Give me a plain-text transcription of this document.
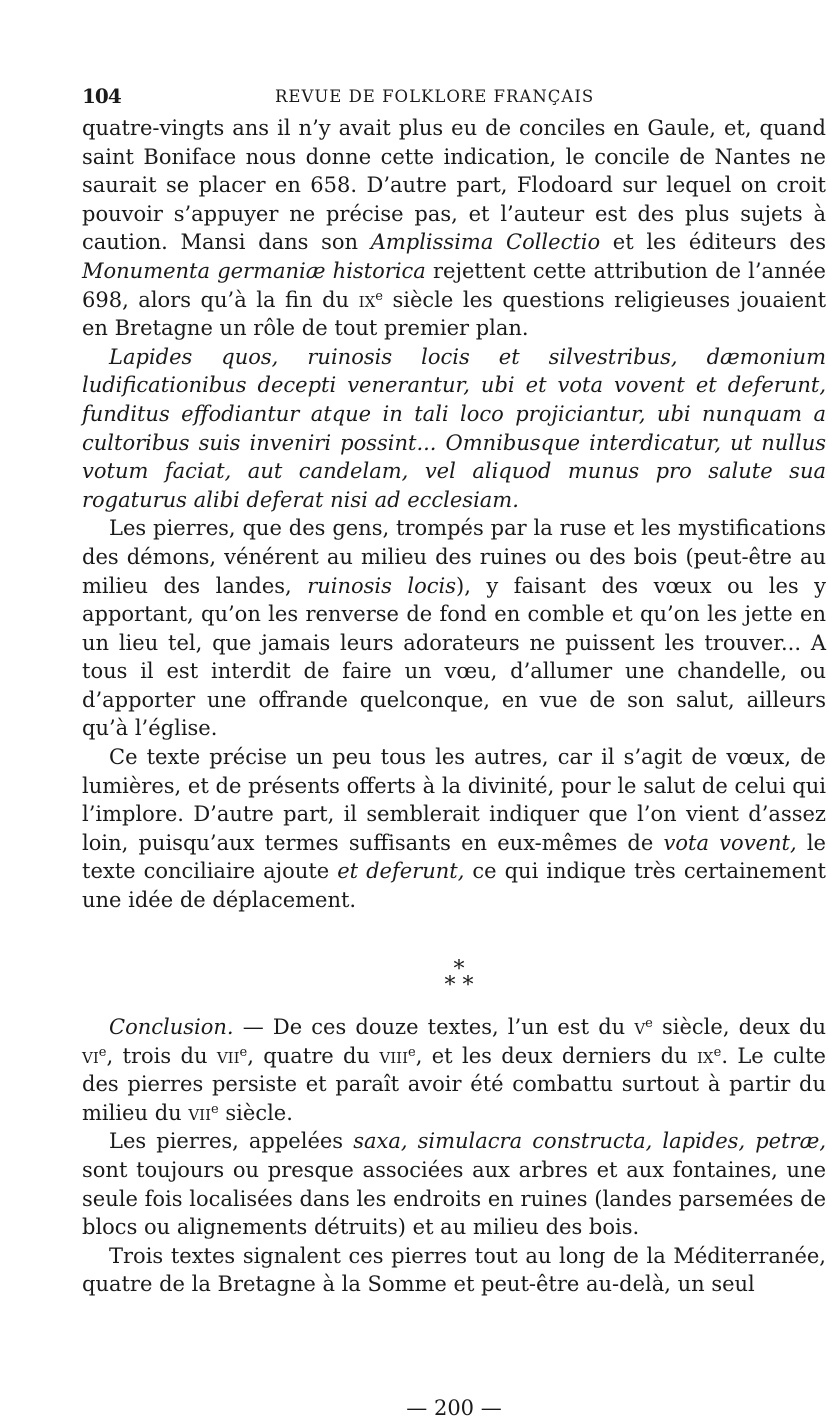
104	REVUE DE FOLKLORE FRANÇAIS

quatre-vingts ans il n’y avait plus eu de conciles en Gaule, et, quand saint Boniface nous donne cette indication, le concile de Nantes ne saurait se placer en 658. D’autre part, Flodoard sur lequel on croit pouvoir s’appuyer ne précise pas, et l’auteur est des plus sujets à caution. Mansi dans son Amplissima Collectio et les éditeurs des Monumenta germaniæ historica rejettent cette attribution de l’année 698, alors qu’à la fin du $ix^e$ siècle les questions religieuses jouaient en Bretagne un rôle de tout premier plan.

Lapides quos, ruinosis locis et silvestribus, dæmonium ludificationibus decepti venerantur, ubi et vota vovent et deferunt, funditus effodiantur atque in tali loco projiciantur, ubi nunquam a cultoribus suis inveniri possint... Omnibusque interdicatur, ut nullus votum faciat, aut candelam, vel aliquod munus pro salute sua rogaturus alibi deferat nisi ad ecclesiam.

Les pierres, que des gens, trompés par la ruse et les mystifications des démons, vénérent au milieu des ruines ou des bois (peut-être au milieu des landes, ruinosis locis), y faisant des vœux ou les y apportant, qu’on les renverse de fond en comble et qu’on les jette en un lieu tel, que jamais leurs adorateurs ne puissent les trouver... A tous il est interdit de faire un vœu, d’allumer une chandelle, ou d’apporter une offrande quelconque, en vue de son salut, ailleurs qu’à l’église.

Ce texte précise un peu tous les autres, car il s’agit de vœux, de lumières, et de présents offerts à la divinité, pour le salut de celui qui l’implore. D’autre part, il semblerait indiquer que l’on vient d’assez loin, puisqu’aux termes suffisants en eux-mêmes de vota vovent, le texte conciliaire ajoute et deferunt, ce qui indique très certainement une idée de déplacement.

*
* *

Conclusion. — De ces douze textes, l’un est du $v^e$ siècle, deux du $vi^e$, trois du vii$^e$, quatre du viii$^e$, et les deux derniers du $ix^e$. Le culte des pierres persiste et paraît avoir été combattu surtout à partir du milieu du vii$^e$ siècle.

Les pierres, appelées saxa, simulacra constructa, lapides, petræ, sont toujours ou presque associées aux arbres et aux fontaines, une seule fois localisées dans les endroits en ruines (landes parsemées de blocs ou alignements détruits) et au milieu des bois.

Trois textes signalent ces pierres tout au long de la Méditerranée, quatre de la Bretagne à la Somme et peut-être au-delà, un seul

— 200 —
